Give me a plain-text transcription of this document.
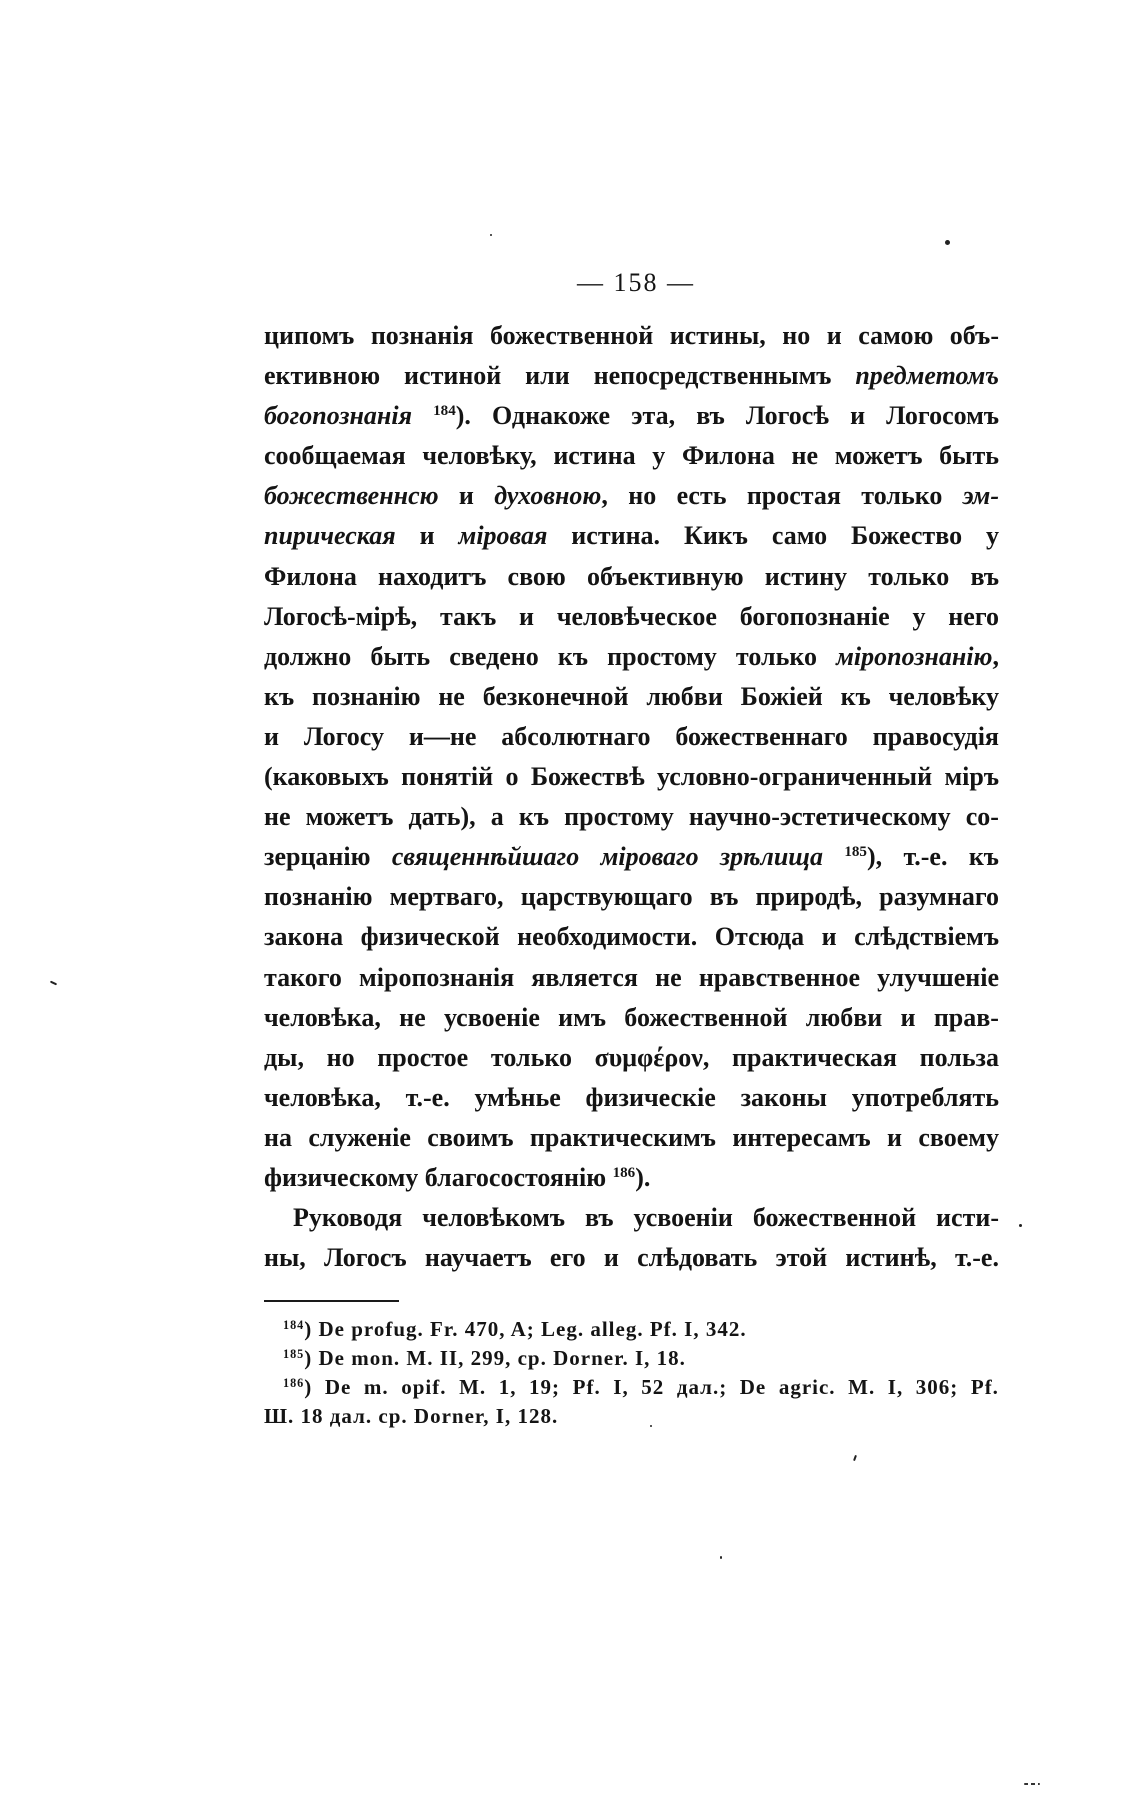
— 158 —
ципомъ познанія божественной истины, но и самою объ-
ективною истиной или непосредственнымъ предметомъ
богопознанія $^{184}$). Однакоже эта, въ Логосѣ и Логосомъ
сообщаемая человѣку, истина у Филона не можетъ быть
божественнсю и духовною, но есть простая только эм-
пирическая и міровая истина. Кикъ само Божество у
Филона находитъ свою объективную истину только въ
Логосѣ-мірѣ, такъ и человѣческое богопознаніе у него
должно быть сведено къ простому только міропознанію,
къ познанію не безконечной любви Божіей къ человѣку
и Логосу и—не абсолютнаго божественнаго правосудія
(каковыхъ понятій о Божествѣ условно-ограниченный міръ
не можетъ дать), а къ простому научно-эстетическому со-
зерцанію священнѣйшаго міроваго зрѣлища $^{185}$), т.-е. къ
познанію мертваго, царствующаго въ природѣ, разумнаго
закона физической необходимости. Отсюда и слѣдствіемъ
такого міропознанія является не нравственное улучшеніе
человѣка, не усвоеніе имъ божественной любви и прав-
ды, но простое только συμφέρον, практическая польза
человѣка, т.-е. умѣнье физическіе законы употреблять
на служеніе своимъ практическимъ интересамъ и своему
физическому благосостоянію $^{186}$).
Руководя человѣкомъ въ усвоеніи божественной исти-
ны, Логосъ научаетъ его и слѣдовать этой истинѣ, т.-е.
$^{184}$) De profug. Fr. 470, A; Leg. alleg. Pf. I, 342.
$^{185}$) De mon. M. II, 299, ср. Dorner. I, 18.
$^{186}$) De m. opif. M. 1, 19; Pf. I, 52 дал.; De agric. M. I, 306; Pf.
Ш. 18 дал. ср. Dorner, I, 128.
